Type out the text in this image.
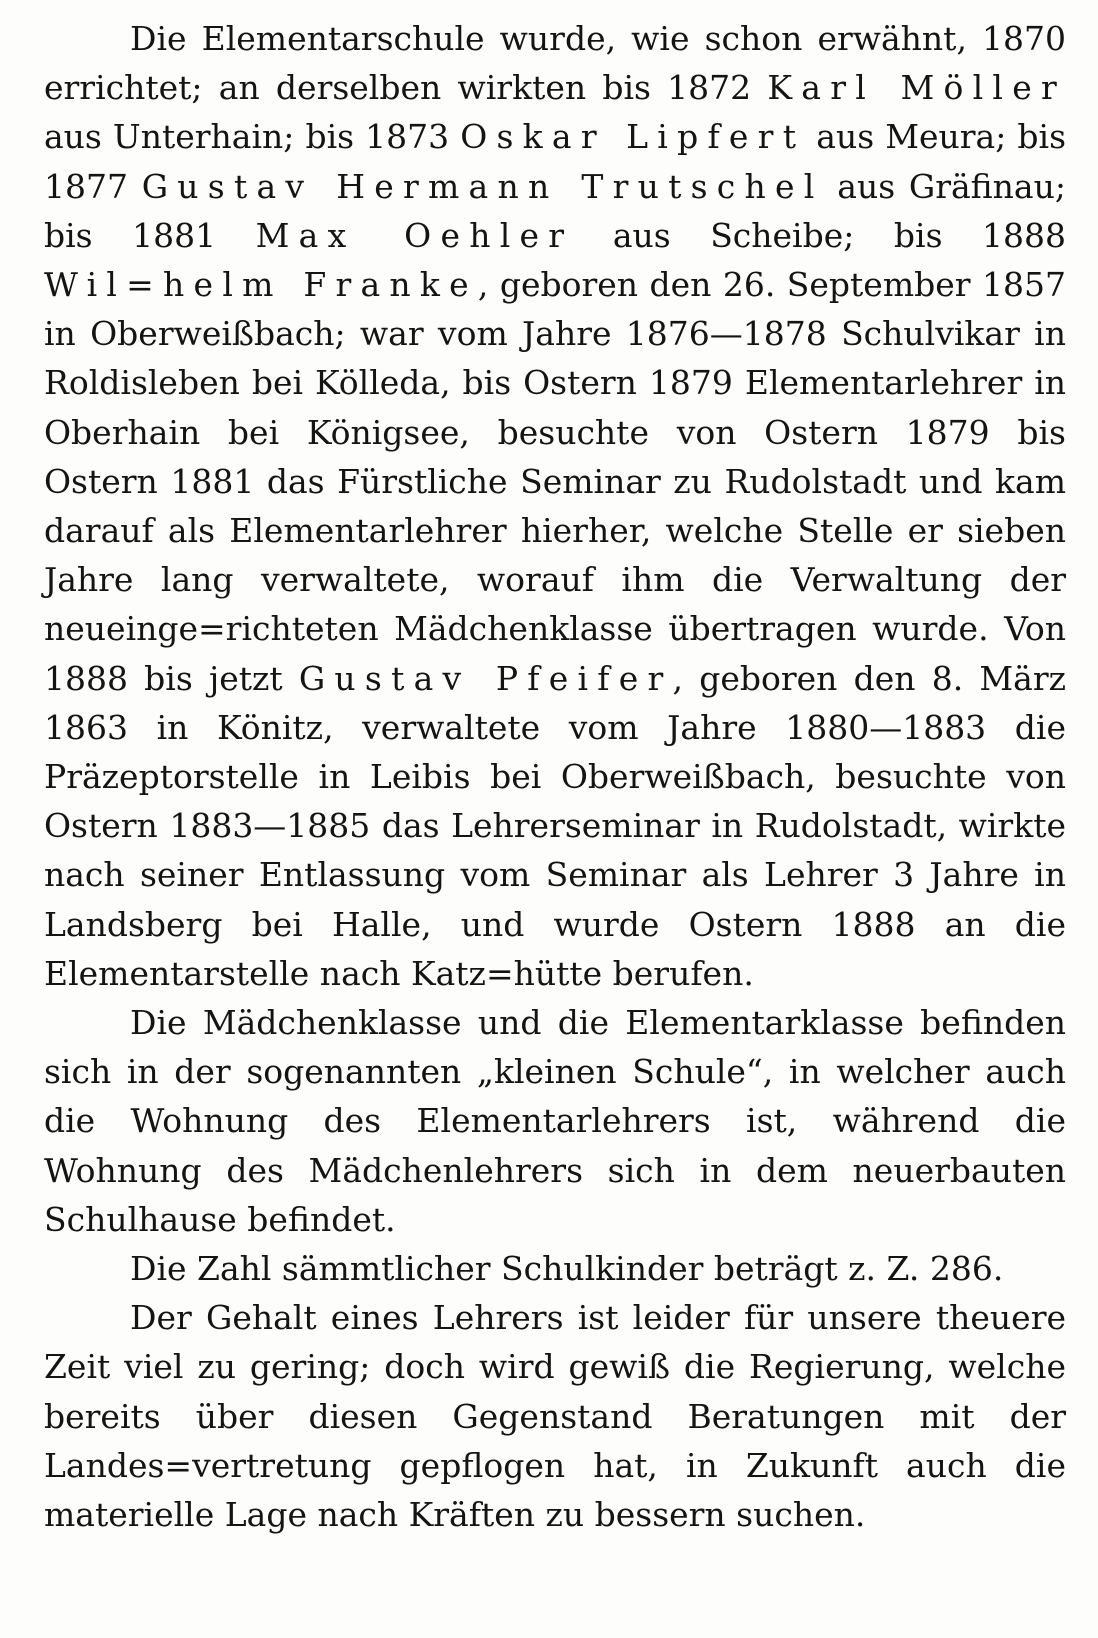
Die Elementarschule wurde, wie schon erwähnt, 1870 errichtet; an derselben wirkten bis 1872 Karl Möller aus Unterhain; bis 1873 Oskar Lipfert aus Meura; bis 1877 Gustav Hermann Trutschel aus Gräfinau; bis 1881 Max Oehler aus Scheibe; bis 1888 Wil=helm Franke, geboren den 26. September 1857 in Oberweißbach; war vom Jahre 1876—1878 Schulvikar in Roldisleben bei Kölleda, bis Ostern 1879 Elementarlehrer in Oberhain bei Königsee, besuchte von Ostern 1879 bis Ostern 1881 das Fürstliche Seminar zu Rudolstadt und kam darauf als Elementarlehrer hierher, welche Stelle er sieben Jahre lang verwaltete, worauf ihm die Verwaltung der neueinge=richteten Mädchenklasse übertragen wurde. Von 1888 bis jetzt Gustav Pfeifer, geboren den 8. März 1863 in Könitz, verwaltete vom Jahre 1880—1883 die Präzeptorstelle in Leibis bei Oberweißbach, besuchte von Ostern 1883—1885 das Lehrerseminar in Rudolstadt, wirkte nach seiner Entlassung vom Seminar als Lehrer 3 Jahre in Landsberg bei Halle, und wurde Ostern 1888 an die Elementarstelle nach Katz=hütte berufen.

Die Mädchenklasse und die Elementarklasse befinden sich in der sogenannten „kleinen Schule“, in welcher auch die Wohnung des Elementarlehrers ist, während die Wohnung des Mädchenlehrers sich in dem neuerbauten Schulhause befindet.

Die Zahl sämmtlicher Schulkinder beträgt z. Z. 286.

Der Gehalt eines Lehrers ist leider für unsere theuere Zeit viel zu gering; doch wird gewiß die Regierung, welche bereits über diesen Gegenstand Beratungen mit der Landes=vertretung gepflogen hat, in Zukunft auch die materielle Lage nach Kräften zu bessern suchen.
